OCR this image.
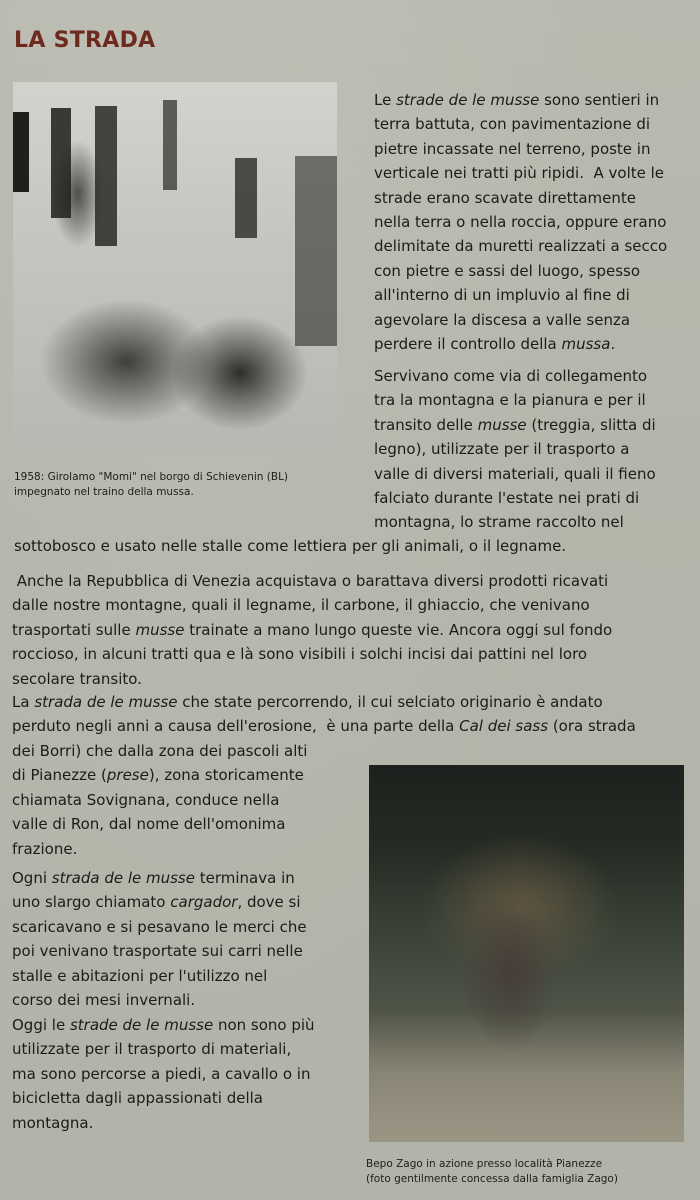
LA STRADA
1958: Girolamo "Momi" nel borgo di Schievenin (BL)
impegnato nel traino della mussa.
Le strade de le musse sono sentieri in
terra battuta, con pavimentazione di
pietre incassate nel terreno, poste in
verticale nei tratti più ripidi.  A volte le
strade erano scavate direttamente
nella terra o nella roccia, oppure erano
delimitate da muretti realizzati a secco
con pietre e sassi del luogo, spesso
all'interno di un impluvio al fine di
agevolare la discesa a valle senza
perdere il controllo della mussa.
Servivano come via di collegamento
tra la montagna e la pianura e per il
transito delle musse (treggia, slitta di
legno), utilizzate per il trasporto a
valle di diversi materiali, quali il fieno
falciato durante l'estate nei prati di
montagna, lo strame raccolto nel
sottobosco e usato nelle stalle come lettiera per gli animali, o il legname.
Anche la Repubblica di Venezia acquistava o barattava diversi prodotti ricavati
dalle nostre montagne, quali il legname, il carbone, il ghiaccio, che venivano
trasportati sulle musse trainate a mano lungo queste vie. Ancora oggi sul fondo
roccioso, in alcuni tratti qua e là sono visibili i solchi incisi dai pattini nel loro
secolare transito.
La strada de le musse che state percorrendo, il cui selciato originario è andato
perduto negli anni a causa dell'erosione,  è una parte della Cal dei sass (ora strada
dei Borri) che dalla zona dei pascoli alti
di Pianezze (prese), zona storicamente
chiamata Sovignana, conduce nella
valle di Ron, dal nome dell'omonima
frazione.
Ogni strada de le musse terminava in
uno slargo chiamato cargador, dove si
scaricavano e si pesavano le merci che
poi venivano trasportate sui carri nelle
stalle e abitazioni per l'utilizzo nel
corso dei mesi invernali.
Oggi le strade de le musse non sono più
utilizzate per il trasporto di materiali,
ma sono percorse a piedi, a cavallo o in
bicicletta dagli appassionati della
montagna.
Bepo Zago in azione presso località Pianezze
(foto gentilmente concessa dalla famiglia Zago)
